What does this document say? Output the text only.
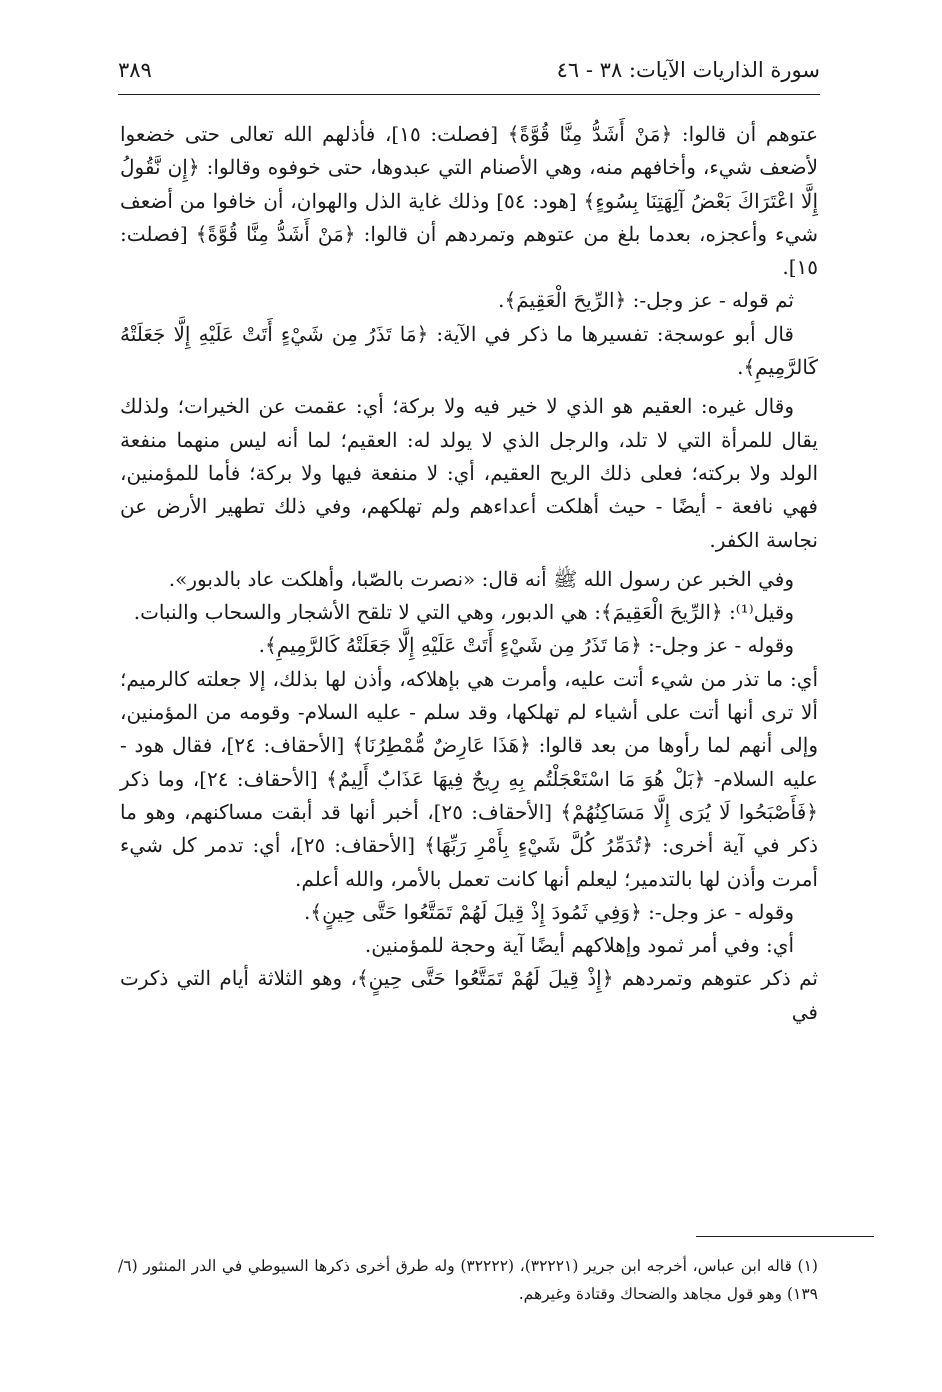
سورة الذاريات الآيات: ٣٨ - ٤٦
٣٨٩

عتوهم أن قالوا: ﴿مَنْ أَشَدُّ مِنَّا قُوَّةً﴾ [فصلت: ١٥]، فأذلهم الله تعالى حتى خضعوا لأضعف شيء، وأخافهم منه، وهي الأصنام التي عبدوها، حتى خوفوه وقالوا: ﴿إِن نَّقُولُ إِلَّا اعْتَرَاكَ بَعْضُ آلِهَتِنَا بِسُوءٍ﴾ [هود: ٥٤] وذلك غاية الذل والهوان، أن خافوا من أضعف شيء وأعجزه، بعدما بلغ من عتوهم وتمردهم أن قالوا: ﴿مَنْ أَشَدُّ مِنَّا قُوَّةً﴾ [فصلت: ١٥].

ثم قوله - عز وجل-: ﴿الرِّيحَ الْعَقِيمَ﴾.

قال أبو عوسجة: تفسيرها ما ذكر في الآية: ﴿مَا تَذَرُ مِن شَيْءٍ أَتَتْ عَلَيْهِ إِلَّا جَعَلَتْهُ كَالرَّمِيمِ﴾.

وقال غيره: العقيم هو الذي لا خير فيه ولا بركة؛ أي: عقمت عن الخيرات؛ ولذلك يقال للمرأة التي لا تلد، والرجل الذي لا يولد له: العقيم؛ لما أنه ليس منهما منفعة الولد ولا بركته؛ فعلى ذلك الريح العقيم، أي: لا منفعة فيها ولا بركة؛ فأما للمؤمنين، فهي نافعة - أيضًا - حيث أهلكت أعداءهم ولم تهلكهم، وفي ذلك تطهير الأرض عن نجاسة الكفر.

وفي الخبر عن رسول الله ﷺ أنه قال: «نصرت بالصّبا، وأهلكت عاد بالدبور».

وقيل⁽¹⁾: ﴿الرِّيحَ الْعَقِيمَ﴾: هي الدبور، وهي التي لا تلقح الأشجار والسحاب والنبات.

وقوله - عز وجل-: ﴿مَا تَذَرُ مِن شَيْءٍ أَتَتْ عَلَيْهِ إِلَّا جَعَلَتْهُ كَالرَّمِيمِ﴾.

أي: ما تذر من شيء أتت عليه، وأمرت هي بإهلاكه، وأذن لها بذلك، إلا جعلته كالرميم؛ ألا ترى أنها أتت على أشياء لم تهلكها، وقد سلم - عليه السلام- وقومه من المؤمنين، وإلى أنهم لما رأوها من بعد قالوا: ﴿هَذَا عَارِضٌ مُّمْطِرُنَا﴾ [الأحقاف: ٢٤]، فقال هود - عليه السلام- ﴿بَلْ هُوَ مَا اسْتَعْجَلْتُم بِهِ رِيحٌ فِيهَا عَذَابٌ أَلِيمٌ﴾ [الأحقاف: ٢٤]، وما ذكر ﴿فَأَصْبَحُوا لَا يُرَى إِلَّا مَسَاكِنُهُمْ﴾ [الأحقاف: ٢٥]، أخبر أنها قد أبقت مساكنهم، وهو ما ذكر في آية أخرى: ﴿تُدَمِّرُ كُلَّ شَيْءٍ بِأَمْرِ رَبِّهَا﴾ [الأحقاف: ٢٥]، أي: تدمر كل شيء أمرت وأذن لها بالتدمير؛ ليعلم أنها كانت تعمل بالأمر، والله أعلم.

وقوله - عز وجل-: ﴿وَفِي ثَمُودَ إِذْ قِيلَ لَهُمْ تَمَتَّعُوا حَتَّى حِينٍ﴾.

أي: وفي أمر ثمود وإهلاكهم أيضًا آية وحجة للمؤمنين.

ثم ذكر عتوهم وتمردهم ﴿إِذْ قِيلَ لَهُمْ تَمَتَّعُوا حَتَّى حِينٍ﴾، وهو الثلاثة أيام التي ذكرت في

(١) قاله ابن عباس، أخرجه ابن جرير (٣٢٢٢١)، (٣٢٢٢٢) وله طرق أخرى ذكرها السيوطي في الدر المنثور (٦/ ١٣٩) وهو قول مجاهد والضحاك وقتادة وغيرهم.
